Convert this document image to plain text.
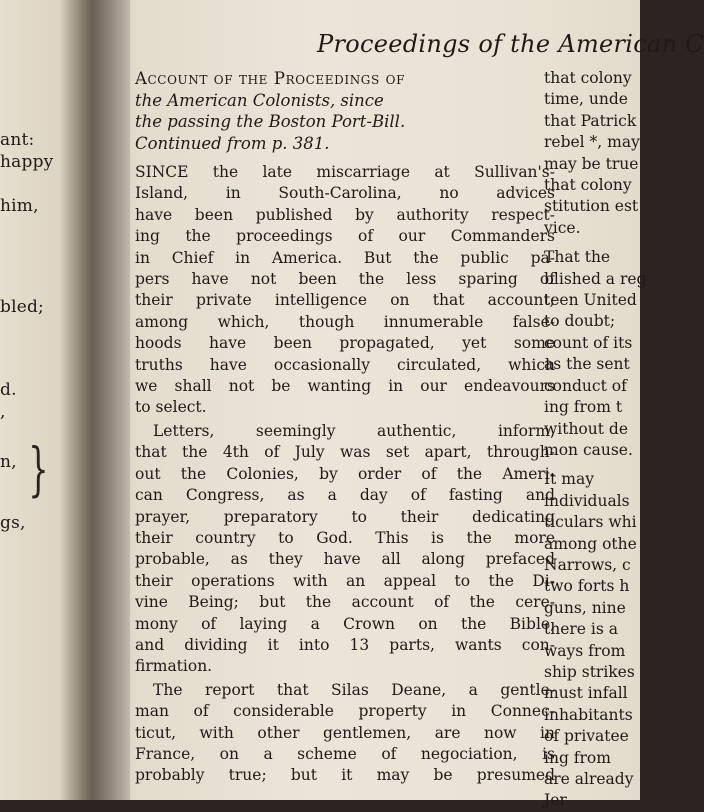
ant:
happy
him,
bled;
d.
,
n,
gs,
}
Proceedings of the American C
Account of the Proceedings of
the American Colonists, since
the passing the Boston Port-Bill.
Continued from p. 381.
SINCE the late miscarriage at Sullivan's-
Island, in South-Carolina, no advices
have been published by authority respect-
ing the proceedings of our Commanders
in Chief in America. But the public pa-
pers have not been the less sparing of
their private intelligence on that account;
among which, though innumerable false-
hoods have been propagated, yet some
truths have occasionally circulated, which
we shall not be wanting in our endeavours
to select.
Letters, seemingly authentic, inform,
that the 4th of July was set apart, through-
out the Colonies, by order of the Ameri-
can Congress, as a day of fasting and
prayer, preparatory to their dedicating
their country to God. This is the more
probable, as they have all along prefaced
their operations with an appeal to the Di-
vine Being; but the account of the cere-
mony of laying a Crown on the Bible,
and dividing it into 13 parts, wants con-
firmation.
The report that Silas Deane, a gentle-
man of considerable property in Connec-
ticut, with other gentlemen, are now in
France, on a scheme of negociation, is
probably true; but it may be presumed
that colony
time, unde
that Patrick
rebel *, may
may be true
that colony
stitution est
vice.
That the
blished a reg
teen United
to doubt;
count of its
as the sent
conduct of
ing from t
without de
mon cause.
It may
individuals
ticulars whi
among othe
Narrows, c
two forts h
guns, nine
there is a
ways from
ship strikes
must infall
inhabitants
of privatee
ing from
are already
Jer
